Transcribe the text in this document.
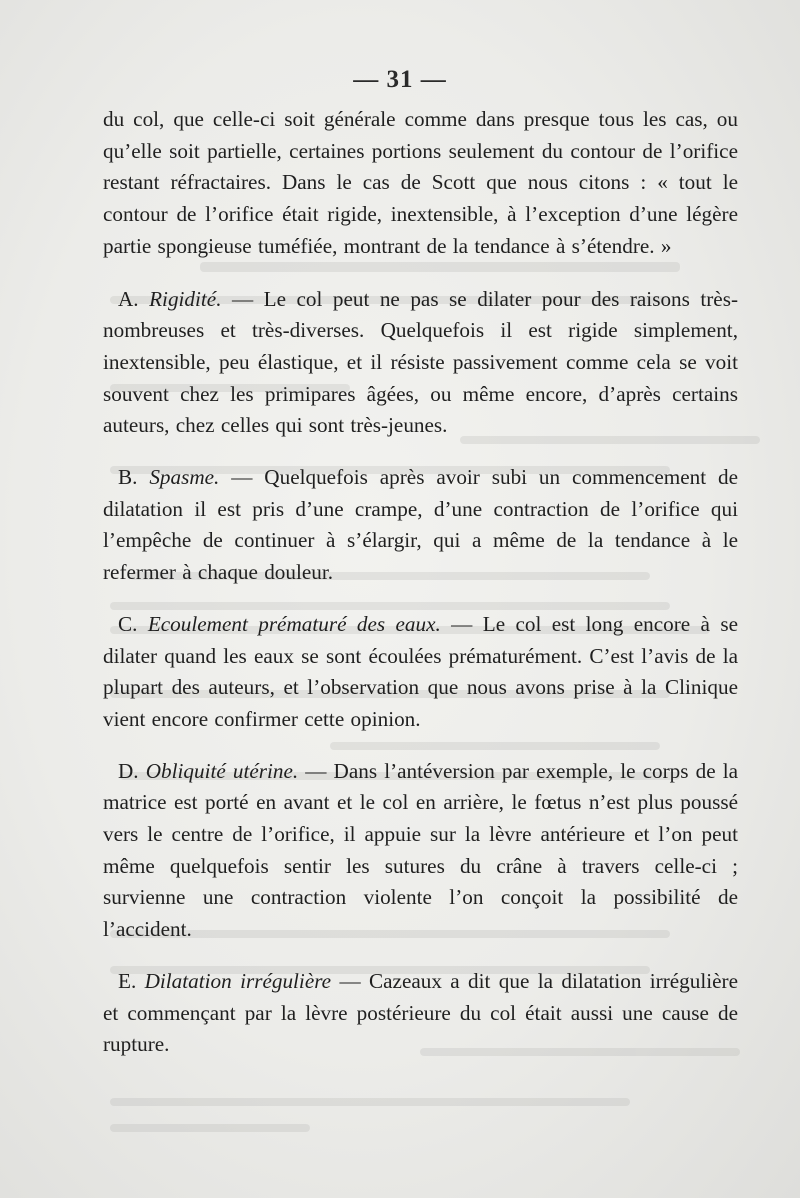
— 31 —

du col, que celle-ci soit générale comme dans presque tous les cas, ou qu’elle soit partielle, certaines portions seulement du contour de l’orifice restant réfractaires. Dans le cas de Scott que nous citons : « tout le contour de l’orifice était rigide, inextensible, à l’exception d’une légère partie spongieuse tuméfiée, montrant de la tendance à s’étendre. »

A. Rigidité. — Le col peut ne pas se dilater pour des raisons très-nombreuses et très-diverses. Quelquefois il est rigide simplement, inextensible, peu élastique, et il résiste passivement comme cela se voit souvent chez les primipares âgées, ou même encore, d’après certains auteurs, chez celles qui sont très-jeunes.

B. Spasme. — Quelquefois après avoir subi un commencement de dilatation il est pris d’une crampe, d’une contraction de l’orifice qui l’empêche de continuer à s’élargir, qui a même de la tendance à le refermer à chaque douleur.

C. Ecoulement prématuré des eaux. — Le col est long encore à se dilater quand les eaux se sont écoulées prématurément. C’est l’avis de la plupart des auteurs, et l’observation que nous avons prise à la Clinique vient encore confirmer cette opinion.

D. Obliquité utérine. — Dans l’antéversion par exemple, le corps de la matrice est porté en avant et le col en arrière, le fœtus n’est plus poussé vers le centre de l’orifice, il appuie sur la lèvre antérieure et l’on peut même quelquefois sentir les sutures du crâne à travers celle-ci ; survienne une contraction violente l’on conçoit la possibilité de l’accident.

E. Dilatation irrégulière — Cazeaux a dit que la dilatation irrégulière et commençant par la lèvre postérieure du col était aussi une cause de rupture.
